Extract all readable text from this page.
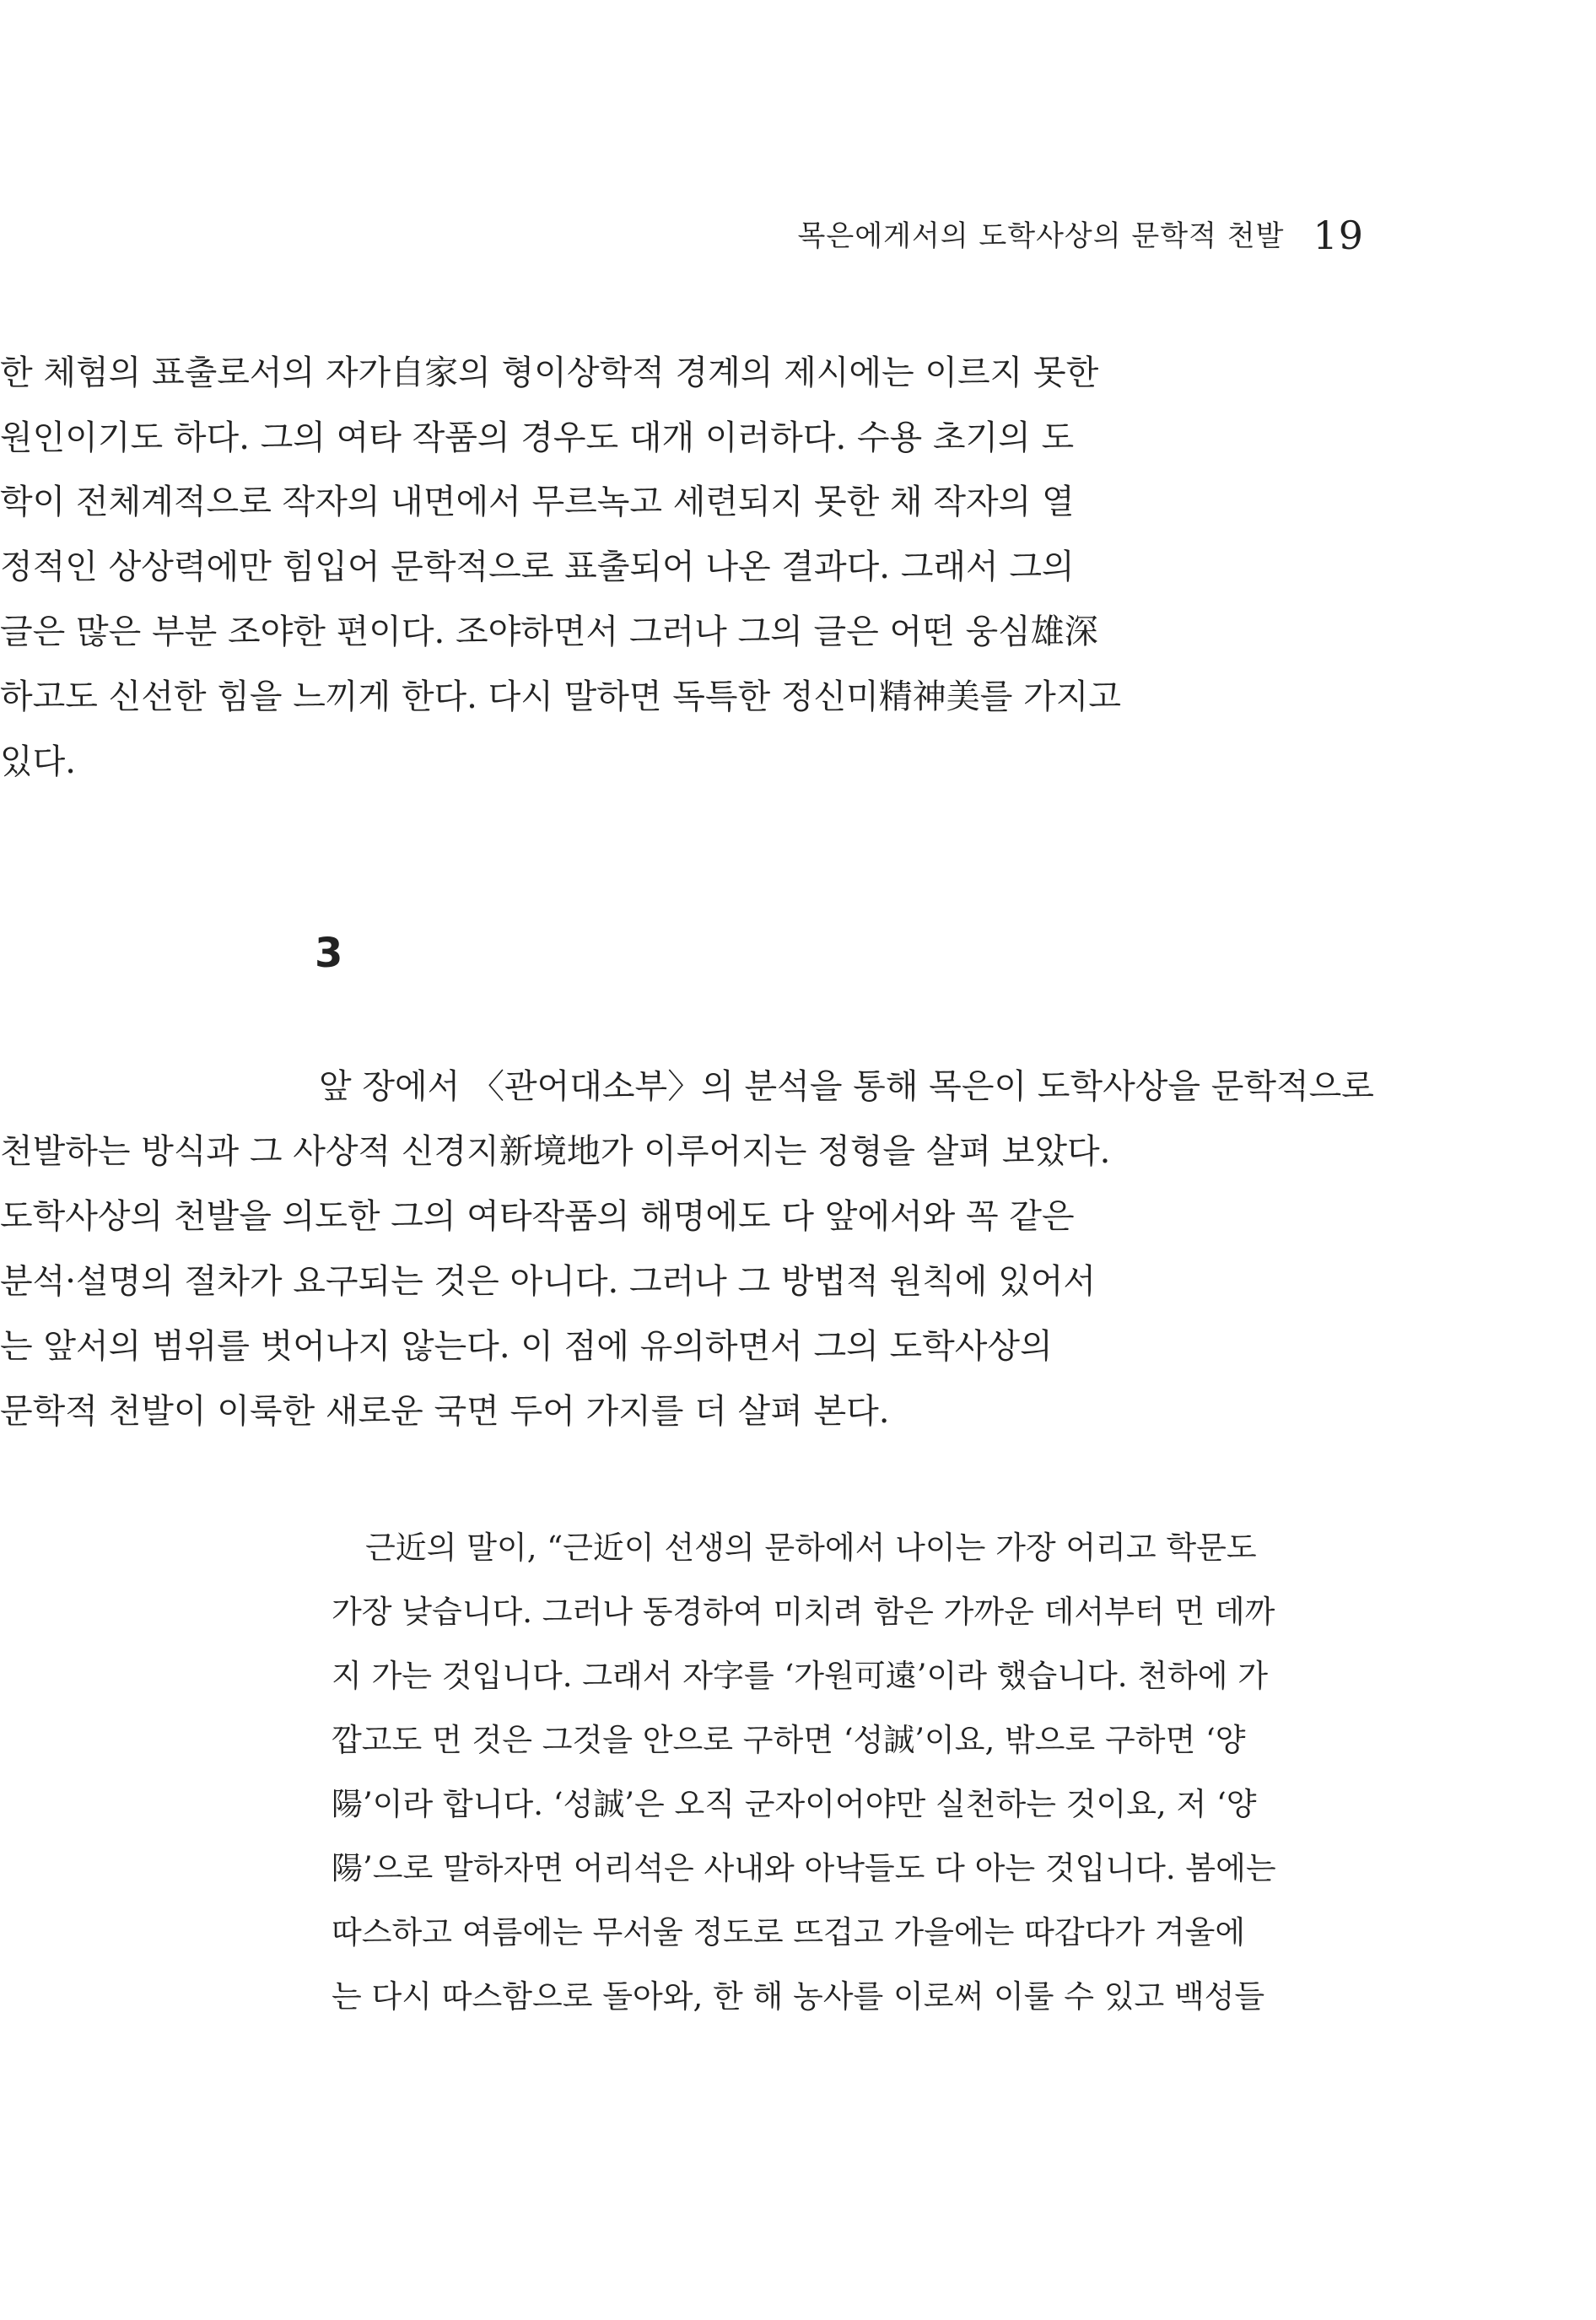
목은에게서의 도학사상의 문학적 천발 19

한 체험의 표출로서의 자가自家의 형이상학적 경계의 제시에는 이르지 못한

원인이기도 하다. 그의 여타 작품의 경우도 대개 이러하다. 수용 초기의 도

학이 전체계적으로 작자의 내면에서 무르녹고 세련되지 못한 채 작자의 열

정적인 상상력에만 힘입어 문학적으로 표출되어 나온 결과다. 그래서 그의

글은 많은 부분 조야한 편이다. 조야하면서 그러나 그의 글은 어떤 웅심雄深

하고도 신선한 힘을 느끼게 한다. 다시 말하면 독특한 정신미精神美를 가지고

있다.

3

앞 장에서 〈관어대소부〉의 분석을 통해 목은이 도학사상을 문학적으로

천발하는 방식과 그 사상적 신경지新境地가 이루어지는 정형을 살펴 보았다.

도학사상의 천발을 의도한 그의 여타작품의 해명에도 다 앞에서와 꼭 같은

분석·설명의 절차가 요구되는 것은 아니다. 그러나 그 방법적 원칙에 있어서

는 앞서의 범위를 벗어나지 않는다. 이 점에 유의하면서 그의 도학사상의

문학적 천발이 이룩한 새로운 국면 두어 가지를 더 살펴 본다.

근近의 말이, “근近이 선생의 문하에서 나이는 가장 어리고 학문도

가장 낮습니다. 그러나 동경하여 미치려 함은 가까운 데서부터 먼 데까

지 가는 것입니다. 그래서 자字를 ‘가원可遠’이라 했습니다. 천하에 가

깝고도 먼 것은 그것을 안으로 구하면 ‘성誠’이요, 밖으로 구하면 ‘양

陽’이라 합니다. ‘성誠’은 오직 군자이어야만 실천하는 것이요, 저 ‘양

陽’으로 말하자면 어리석은 사내와 아낙들도 다 아는 것입니다. 봄에는

따스하고 여름에는 무서울 정도로 뜨겁고 가을에는 따갑다가 겨울에

는 다시 따스함으로 돌아와, 한 해 농사를 이로써 이룰 수 있고 백성들
